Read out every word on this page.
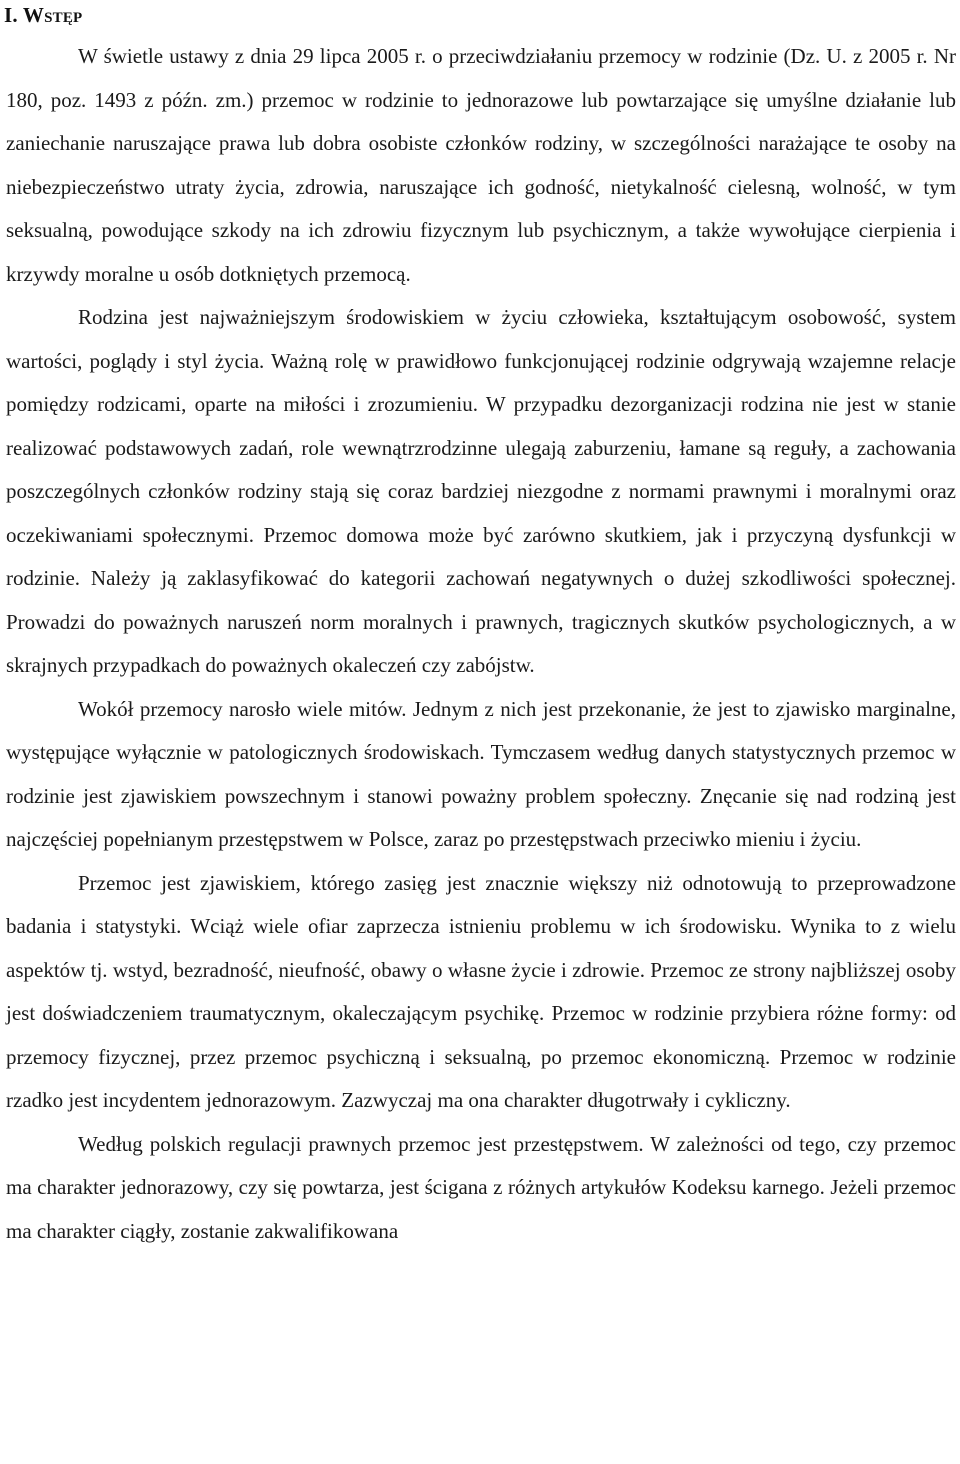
I. Wstęp

W świetle ustawy z dnia 29 lipca 2005 r. o przeciwdziałaniu przemocy w rodzinie (Dz. U. z 2005 r. Nr 180, poz. 1493 z późn. zm.) przemoc w rodzinie to jednorazowe lub powtarzające się umyślne działanie lub zaniechanie naruszające prawa lub dobra osobiste członków rodziny, w szczególności narażające te osoby na niebezpieczeństwo utraty życia, zdrowia, naruszające ich godność, nietykalność cielesną, wolność, w tym seksualną, powodujące szkody na ich zdrowiu fizycznym lub psychicznym, a także wywołujące cierpienia i krzywdy moralne u osób dotkniętych przemocą.

Rodzina jest najważniejszym środowiskiem w życiu człowieka, kształtującym osobowość, system wartości, poglądy i styl życia. Ważną rolę w prawidłowo funkcjonującej rodzinie odgrywają wzajemne relacje pomiędzy rodzicami, oparte na miłości i zrozumieniu. W przypadku dezorganizacji rodzina nie jest w stanie realizować podstawowych zadań, role wewnątrzrodzinne ulegają zaburzeniu, łamane są reguły, a zachowania poszczególnych członków rodziny stają się coraz bardziej niezgodne z normami prawnymi i moralnymi oraz oczekiwaniami społecznymi. Przemoc domowa może być zarówno skutkiem, jak i przyczyną dysfunkcji w rodzinie. Należy ją zaklasyfikować do kategorii zachowań negatywnych o dużej szkodliwości społecznej. Prowadzi do poważnych naruszeń norm moralnych i prawnych, tragicznych skutków psychologicznych, a w skrajnych przypadkach do poważnych okaleczeń czy zabójstw.

Wokół przemocy narosło wiele mitów. Jednym z nich jest przekonanie, że jest to zjawisko marginalne, występujące wyłącznie w patologicznych środowiskach. Tymczasem według danych statystycznych przemoc w rodzinie jest zjawiskiem powszechnym i stanowi poważny problem społeczny. Znęcanie się nad rodziną jest najczęściej popełnianym przestępstwem w Polsce, zaraz po przestępstwach przeciwko mieniu i życiu.

Przemoc jest zjawiskiem, którego zasięg jest znacznie większy niż odnotowują to przeprowadzone badania i statystyki. Wciąż wiele ofiar zaprzecza istnieniu problemu w ich środowisku. Wynika to z wielu aspektów tj. wstyd, bezradność, nieufność, obawy o własne życie i zdrowie. Przemoc ze strony najbliższej osoby jest doświadczeniem traumatycznym, okaleczającym psychikę. Przemoc w rodzinie przybiera różne formy: od przemocy fizycznej, przez przemoc psychiczną i seksualną, po przemoc ekonomiczną. Przemoc w rodzinie rzadko jest incydentem jednorazowym. Zazwyczaj ma ona charakter długotrwały i cykliczny.

Według polskich regulacji prawnych przemoc jest przestępstwem. W zależności od tego, czy przemoc ma charakter jednorazowy, czy się powtarza, jest ścigana z różnych artykułów Kodeksu karnego. Jeżeli przemoc ma charakter ciągły, zostanie zakwalifikowana
